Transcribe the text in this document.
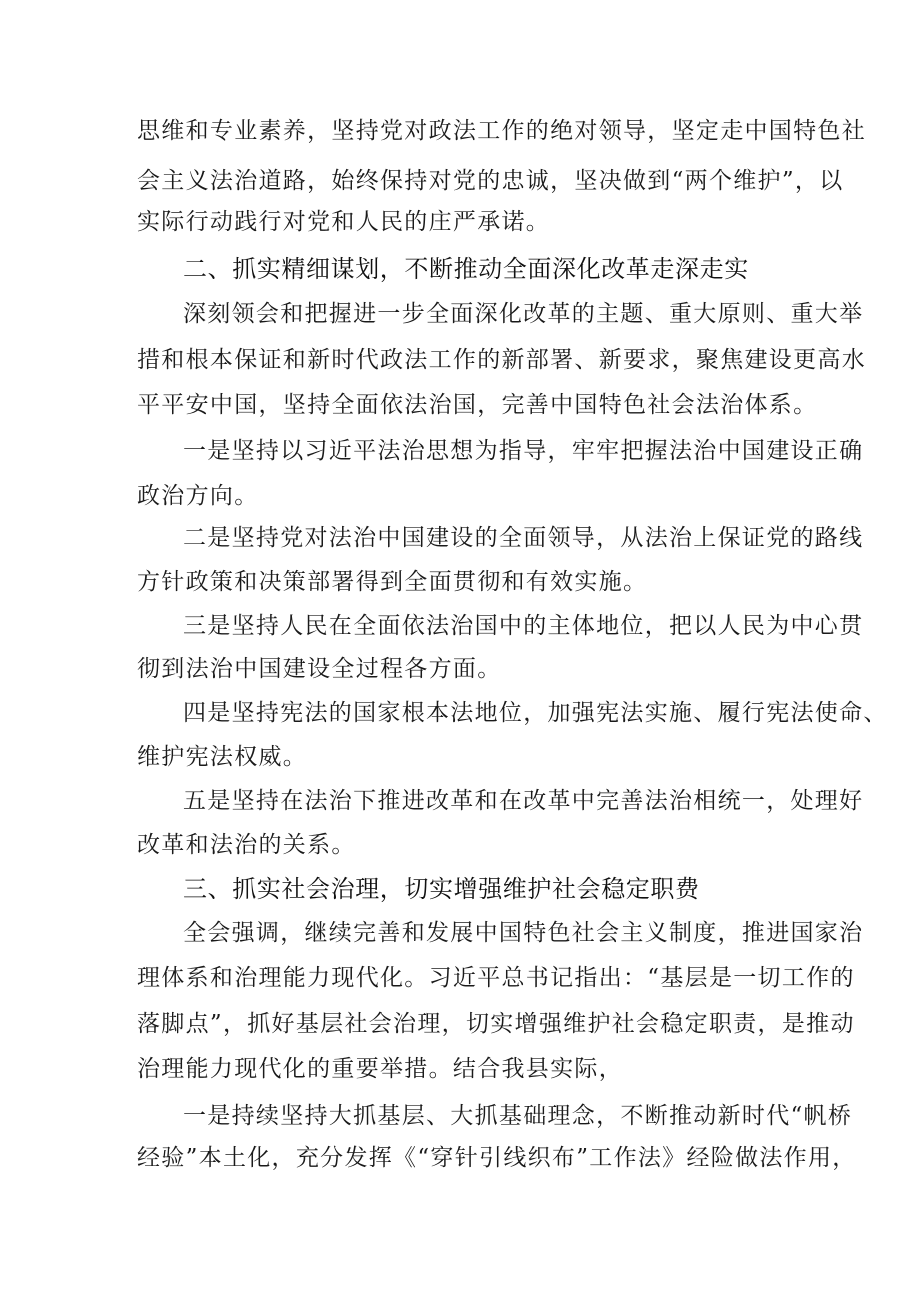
思维和专业素养，坚持党对政法工作的绝对领导，坚定走中国特色社
会主义法治道路，始终保持对党的忠诚，坚决做到“两个维护”，以
实际行动践行对党和人民的庄严承诺。
二、抓实精细谋划，不断推动全面深化改革走深走实
深刻领会和把握进一步全面深化改革的主题、重大原则、重大举
措和根本保证和新时代政法工作的新部署、新要求，聚焦建设更高水
平平安中国，坚持全面依法治国，完善中国特色社会法治体系。
一是坚持以习近平法治思想为指导，牢牢把握法治中国建设正确
政治方向。
二是坚持党对法治中国建设的全面领导，从法治上保证党的路线
方针政策和决策部署得到全面贯彻和有效实施。
三是坚持人民在全面依法治国中的主体地位，把以人民为中心贯
彻到法治中国建设全过程各方面。
四是坚持宪法的国家根本法地位，加强宪法实施、履行宪法使命、
维护宪法权威。
五是坚持在法治下推进改革和在改革中完善法治相统一，处理好
改革和法治的关系。
三、抓实社会治理，切实增强维护社会稳定职费
全会强调，继续完善和发展中国特色社会主义制度，推进国家治
理体系和治理能力现代化。习近平总书记指出：“基层是一切工作的
落脚点”，抓好基层社会治理，切实增强维护社会稳定职责，是推动
治理能力现代化的重要举措。结合我县实际，
一是持续坚持大抓基层、大抓基础理念，不断推动新时代“帆桥
经验”本土化，充分发挥《“穿针引线织布”工作法》经险做法作用，
